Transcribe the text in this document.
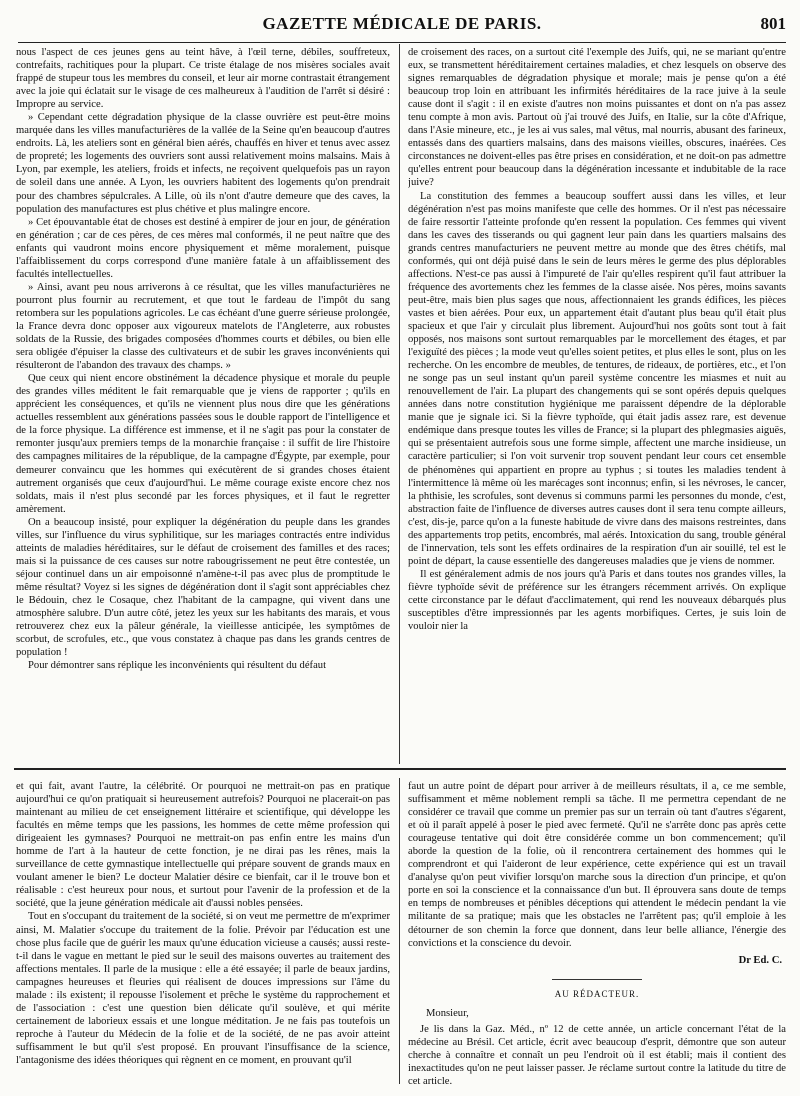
GAZETTE MÉDICALE DE PARIS.	801

nous l'aspect de ces jeunes gens au teint hâve, à l'œil terne, débiles, souffreteux, contrefaits, rachitiques pour la plupart. Ce triste étalage de nos misères sociales avait frappé de stupeur tous les membres du conseil, et leur air morne contrastait étrangement avec la joie qui éclatait sur le visage de ces malheureux à l'audition de l'arrêt si désiré : Impropre au service.

» Cependant cette dégradation physique de la classe ouvrière est peut-être moins marquée dans les villes manufacturières de la vallée de la Seine qu'en beaucoup d'autres endroits. Là, les ateliers sont en général bien aérés, chauffés en hiver et tenus avec assez de propreté; les logements des ouvriers sont aussi relativement moins malsains. Mais à Lyon, par exemple, les ateliers, froids et infects, ne reçoivent quelquefois pas un rayon de soleil dans une année. A Lyon, les ouvriers habitent des logements qu'on prendrait pour des chambres sépulcrales. A Lille, où ils n'ont d'autre demeure que des caves, la population des manufactures est plus chétive et plus malingre encore.

» Cet épouvantable état de choses est destiné à empirer de jour en jour, de génération en génération ; car de ces pères, de ces mères mal conformés, il ne peut naître que des enfants qui vaudront moins encore physiquement et même moralement, puisque l'affaiblissement du corps correspond d'une manière fatale à un affaiblissement des facultés intellectuelles.

» Ainsi, avant peu nous arriverons à ce résultat, que les villes manufacturières ne pourront plus fournir au recrutement, et que tout le fardeau de l'impôt du sang retombera sur les populations agricoles. Le cas échéant d'une guerre sérieuse prolongée, la France devra donc opposer aux vigoureux matelots de l'Angleterre, aux robustes soldats de la Russie, des brigades composées d'hommes courts et débiles, ou bien elle sera obligée d'épuiser la classe des cultivateurs et de subir les graves inconvénients qui résulteront de l'abandon des travaux des champs. »

Que ceux qui nient encore obstinément la décadence physique et morale du peuple des grandes villes méditent le fait remarquable que je viens de rapporter ; qu'ils en apprécient les conséquences, et qu'ils ne viennent plus nous dire que les générations actuelles ressemblent aux générations passées sous le double rapport de l'intelligence et de la force physique. La différence est immense, et il ne s'agit pas pour la constater de remonter jusqu'aux premiers temps de la monarchie française : il suffit de lire l'histoire des campagnes militaires de la république, de la campagne d'Égypte, par exemple, pour demeurer convaincu que les hommes qui exécutèrent de si grandes choses étaient autrement organisés que ceux d'aujourd'hui. Le même courage existe encore chez nos soldats, mais il n'est plus secondé par les forces physiques, et il faut le regretter amèrement.

On a beaucoup insisté, pour expliquer la dégénération du peuple dans les grandes villes, sur l'influence du virus syphilitique, sur les mariages contractés entre individus atteints de maladies héréditaires, sur le défaut de croisement des familles et des races; mais si la puissance de ces causes sur notre rabougrissement ne peut être contestée, un séjour continuel dans un air empoisonné n'amène-t-il pas avec plus de promptitude le même résultat? Voyez si les signes de dégénération dont il s'agit sont appréciables chez le Bédouin, chez le Cosaque, chez l'habitant de la campagne, qui vivent dans une atmosphère salubre. D'un autre côté, jetez les yeux sur les habitants des marais, et vous retrouverez chez eux la pâleur générale, la vieillesse anticipée, les symptômes de scorbut, de scrofules, etc., que vous constatez à chaque pas dans les grands centres de population !

Pour démontrer sans réplique les inconvénients qui résultent du défaut

de croisement des races, on a surtout cité l'exemple des Juifs, qui, ne se mariant qu'entre eux, se transmettent héréditairement certaines maladies, et chez lesquels on observe des signes remarquables de dégradation physique et morale; mais je pense qu'on a été beaucoup trop loin en attribuant les infirmités héréditaires de la race juive à la seule cause dont il s'agit : il en existe d'autres non moins puissantes et dont on n'a pas assez tenu compte à mon avis. Partout où j'ai trouvé des Juifs, en Italie, sur la côte d'Afrique, dans l'Asie mineure, etc., je les ai vus sales, mal vêtus, mal nourris, abusant des farineux, entassés dans des quartiers malsains, dans des maisons vieilles, obscures, inaérées. Ces circonstances ne doivent-elles pas être prises en considération, et ne doit-on pas admettre qu'elles entrent pour beaucoup dans la dégénération incessante et indubitable de la race juive?

La constitution des femmes a beaucoup souffert aussi dans les villes, et leur dégénération n'est pas moins manifeste que celle des hommes. Or il n'est pas nécessaire de faire ressortir l'atteinte profonde qu'en ressent la population. Ces femmes qui vivent dans les caves des tisserands ou qui gagnent leur pain dans les quartiers malsains des grands centres manufacturiers ne peuvent mettre au monde que des êtres chétifs, mal conformés, qui ont déjà puisé dans le sein de leurs mères le germe des plus déplorables affections. N'est-ce pas aussi à l'impureté de l'air qu'elles respirent qu'il faut attribuer la fréquence des avortements chez les femmes de la classe aisée. Nos pères, moins savants peut-être, mais bien plus sages que nous, affectionnaient les grands édifices, les pièces vastes et bien aérées. Pour eux, un appartement était d'autant plus beau qu'il était plus spacieux et que l'air y circulait plus librement. Aujourd'hui nos goûts sont tout à fait opposés, nos maisons sont surtout remarquables par le morcellement des étages, et par l'exiguïté des pièces ; la mode veut qu'elles soient petites, et plus elles le sont, plus on les recherche. On les encombre de meubles, de tentures, de rideaux, de portières, etc., et l'on ne songe pas un seul instant qu'un pareil système concentre les miasmes et nuit au renouvellement de l'air. La plupart des changements qui se sont opérés depuis quelques années dans notre constitution hygiénique me paraissent dépendre de la déplorable manie que je signale ici. Si la fièvre typhoïde, qui était jadis assez rare, est devenue endémique dans presque toutes les villes de France; si la plupart des phlegmasies aiguës, qui se présentaient autrefois sous une forme simple, affectent une marche insidieuse, un caractère particulier; si l'on voit survenir trop souvent pendant leur cours cet ensemble de phénomènes qui appartient en propre au typhus ; si toutes les maladies tendent à l'intermittence là même où les marécages sont inconnus; enfin, si les névroses, le cancer, la phthisie, les scrofules, sont devenus si communs parmi les personnes du monde, c'est, abstraction faite de l'influence de diverses autres causes dont il sera tenu compte ailleurs, c'est, dis-je, parce qu'on a la funeste habitude de vivre dans des maisons restreintes, dans des appartements trop petits, encombrés, mal aérés. Intoxication du sang, trouble général de l'innervation, tels sont les effets ordinaires de la respiration d'un air souillé, tel est le point de départ, la cause essentielle des dangereuses maladies que je viens de nommer.

Il est généralement admis de nos jours qu'à Paris et dans toutes nos grandes villes, la fièvre typhoïde sévit de préférence sur les étrangers récemment arrivés. On explique cette circonstance par le défaut d'acclimatement, qui rend les nouveaux débarqués plus susceptibles d'être impressionnés par les agents morbifiques. Certes, je suis loin de vouloir nier la

et qui fait, avant l'autre, la célébrité. Or pourquoi ne mettrait-on pas en pratique aujourd'hui ce qu'on pratiquait si heureusement autrefois? Pourquoi ne placerait-on pas maintenant au milieu de cet enseignement littéraire et scientifique, qui développe les facultés en même temps que les passions, les hommes de cette même profession qui dirigeaient les gymnases? Pourquoi ne mettrait-on pas enfin entre les mains d'un homme de l'art à la hauteur de cette fonction, je ne dirai pas les rênes, mais la surveillance de cette gymnastique intellectuelle qui prépare souvent de grands maux en voulant amener le bien? Le docteur Malatier désire ce bienfait, car il le trouve bon et réalisable : c'est heureux pour nous, et surtout pour l'avenir de la profession et de la société, que la jeune génération médicale ait d'aussi nobles pensées.

Tout en s'occupant du traitement de la société, si on veut me permettre de m'exprimer ainsi, M. Malatier s'occupe du traitement de la folie. Prévoir par l'éducation est une chose plus facile que de guérir les maux qu'une éducation vicieuse a causés; aussi reste-t-il dans le vague en mettant le pied sur le seuil des maisons ouvertes au traitement des affections mentales. Il parle de la musique : elle a été essayée; il parle de beaux jardins, campagnes heureuses et fleuries qui réalisent de douces impressions sur l'âme du malade : ils existent; il repousse l'isolement et prêche le système du rapprochement et de l'association : c'est une question bien délicate qu'il soulève, et qui mérite certainement de laborieux essais et une longue méditation. Je ne fais pas toutefois un reproche à l'auteur du Médecin de la folie et de la société, de ne pas avoir atteint suffisamment le but qu'il s'est proposé. En prouvant l'insuffisance de la science, l'antagonisme des idées théoriques qui règnent en ce moment, en prouvant qu'il

faut un autre point de départ pour arriver à de meilleurs résultats, il a, ce me semble, suffisamment et même noblement rempli sa tâche. Il me permettra cependant de ne considérer ce travail que comme un premier pas sur un terrain où tant d'autres s'égarent, et où il paraît appelé à poser le pied avec fermeté. Qu'il ne s'arrête donc pas après cette courageuse tentative qui doit être considérée comme un bon commencement; qu'il aborde la question de la folie, où il rencontrera certainement des hommes qui le comprendront et qui l'aideront de leur expérience, cette expérience qui est un travail d'analyse qu'on peut vivifier lorsqu'on marche sous la direction d'un principe, et qu'on porte en soi la conscience et la connaissance d'un but. Il éprouvera sans doute de temps en temps de nombreuses et pénibles déceptions qui attendent le médecin pendant la vie militante de sa pratique; mais que les obstacles ne l'arrêtent pas; qu'il emploie à les détourner de son chemin la force que donnent, dans leur belle alliance, l'énergie des convictions et la conscience du devoir.

Dr Ed. C.
AU RÉDACTEUR.
Monsieur,

Je lis dans la Gaz. Méd., nº 12 de cette année, un article concernant l'état de la médecine au Brésil. Cet article, écrit avec beaucoup d'esprit, démontre que son auteur cherche à connaître et connaît un peu l'endroit où il est établi; mais il contient des inexactitudes qu'on ne peut laisser passer. Je réclame surtout contre la latitude du titre de cet article.
